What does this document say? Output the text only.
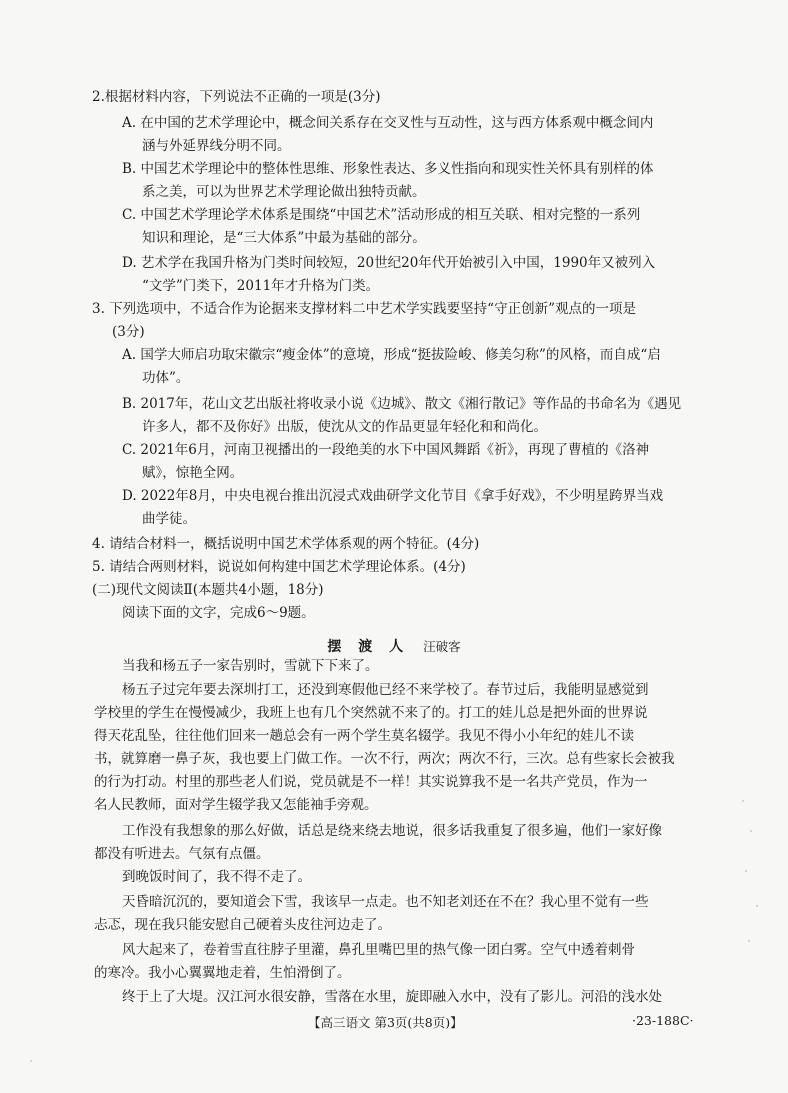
2.根据材料内容，下列说法不正确的一项是(3分)
A. 在中国的艺术学理论中，概念间关系存在交叉性与互动性，这与西方体系观中概念间内
涵与外延界线分明不同。
B. 中国艺术学理论中的整体性思维、形象性表达、多义性指向和现实性关怀具有别样的体
系之美，可以为世界艺术学理论做出独特贡献。
C. 中国艺术学理论学术体系是围绕“中国艺术”活动形成的相互关联、相对完整的一系列
知识和理论，是“三大体系”中最为基础的部分。
D. 艺术学在我国升格为门类时间较短，20世纪20年代开始被引入中国，1990年又被列入
“文学”门类下，2011年才升格为门类。
3. 下列选项中，不适合作为论据来支撑材料二中艺术学实践要坚持“守正创新”观点的一项是
(3分)
A. 国学大师启功取宋徽宗“瘦金体”的意境，形成“挺拔险峻、修美匀称”的风格，而自成“启
功体”。
B. 2017年，花山文艺出版社将收录小说《边城》、散文《湘行散记》等作品的书命名为《遇见
许多人，都不及你好》出版，使沈从文的作品更显年轻化和和尚化。
C. 2021年6月，河南卫视播出的一段绝美的水下中国风舞蹈《祈》，再现了曹植的《洛神
赋》，惊艳全网。
D. 2022年8月，中央电视台推出沉浸式戏曲研学文化节目《拿手好戏》，不少明星跨界当戏
曲学徒。
4. 请结合材料一，概括说明中国艺术学体系观的两个特征。(4分)
5. 请结合两则材料，说说如何构建中国艺术学理论体系。(4分)
(二)现代文阅读Ⅱ(本题共4小题，18分)
阅读下面的文字，完成6～9题。
摆 渡 人 汪破客
当我和杨五子一家告别时，雪就下下来了。
杨五子过完年要去深圳打工，还没到寒假他已经不来学校了。春节过后，我能明显感觉到
学校里的学生在慢慢减少，我班上也有几个突然就不来了的。打工的娃儿总是把外面的世界说
得天花乱坠，往往他们回来一趟总会有一两个学生莫名辍学。我见不得小小年纪的娃儿不读
书，就算磨一鼻子灰，我也要上门做工作。一次不行，两次；两次不行，三次。总有些家长会被我
的行为打动。村里的那些老人们说，党员就是不一样！其实说算我不是一名共产党员，作为一
名人民教师，面对学生辍学我又怎能袖手旁观。
工作没有我想象的那么好做，话总是绕来绕去地说，很多话我重复了很多遍，他们一家好像
都没有听进去。气氛有点僵。
到晚饭时间了，我不得不走了。
天昏暗沉沉的，要知道会下雪，我该早一点走。也不知老刘还在不在？我心里不觉有一些
忐忑，现在我只能安慰自己硬着头皮往河边走了。
风大起来了，卷着雪直往脖子里灌，鼻孔里嘴巴里的热气像一团白雾。空气中透着刺骨
的寒冷。我小心翼翼地走着，生怕滑倒了。
终于上了大堤。汉江河水很安静，雪落在水里，旋即融入水中，没有了影儿。河沿的浅水处
【高三语文 第3页(共8页)】	·23-188C·
